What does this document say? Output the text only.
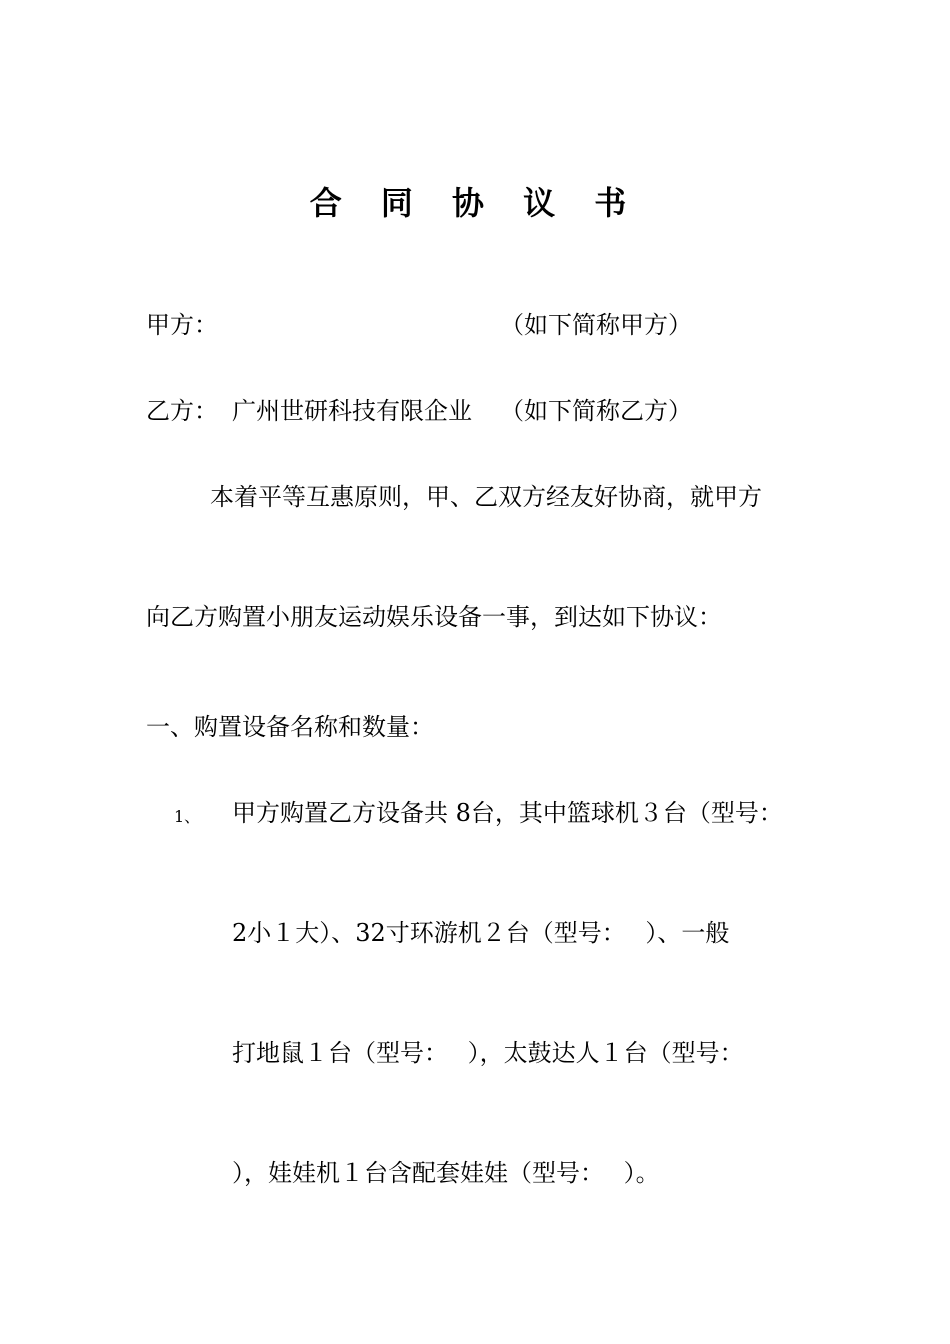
合 同 协 议 书
甲方：	（如下简称甲方）
乙方： 广州世研科技有限企业 （如下简称乙方）
本着平等互惠原则，甲、乙双方经友好协商，就甲方
向乙方购置小朋友运动娱乐设备一事，到达如下协议：
一、购置设备名称和数量：
1、 甲方购置乙方设备共 8台，其中篮球机３台（型号：
2小１大）、32寸环游机２台（型号：　 ）、一般
打地鼠１台（型号：　 ），太鼓达人１台（型号：
），娃娃机１台含配套娃娃（型号：　 ）。
